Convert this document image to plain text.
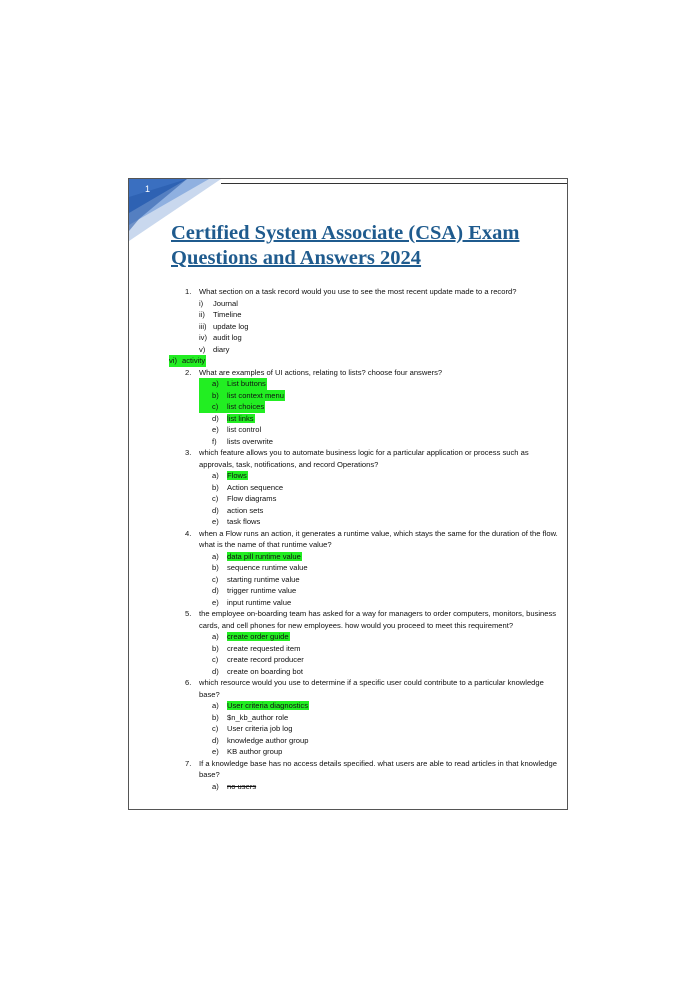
1
Certified System Associate (CSA) Exam Questions and Answers 2024
1. What section on a task record would you use to see the most recent update made to a record?
i) Journal
ii) Timeline
iii) update log
iv) audit log
v) diary
vi) activity
2. What are examples of UI actions, relating to lists? choose four answers?
a) List buttons
b) list context menu
c) list choices
d) list links
e) list control
f) lists overwrite
3. which feature allows you to automate business logic for a particular application or process such as approvals, task, notifications, and record Operations?
a) Flows
b) Action sequence
c) Flow diagrams
d) action sets
e) task flows
4. when a Flow runs an action, it generates a runtime value, which stays the same for the duration of the flow. what is the name of that runtime value?
a) data pill runtime value
b) sequence runtime value
c) starting runtime value
d) trigger runtime value
e) input runtime value
5. the employee on-boarding team has asked for a way for managers to order computers, monitors, business cards, and cell phones for new employees. how would you proceed to meet this requirement?
a) create order guide
b) create requested item
c) create record producer
d) create on boarding bot
6. which resource would you use to determine if a specific user could contribute to a particular knowledge base?
a) User criteria diagnostics
b) $n_kb_author role
c) User criteria job log
d) knowledge author group
e) KB author group
7. If a knowledge base has no access details specified. what users are able to read articles in that knowledge base?
a) no users
